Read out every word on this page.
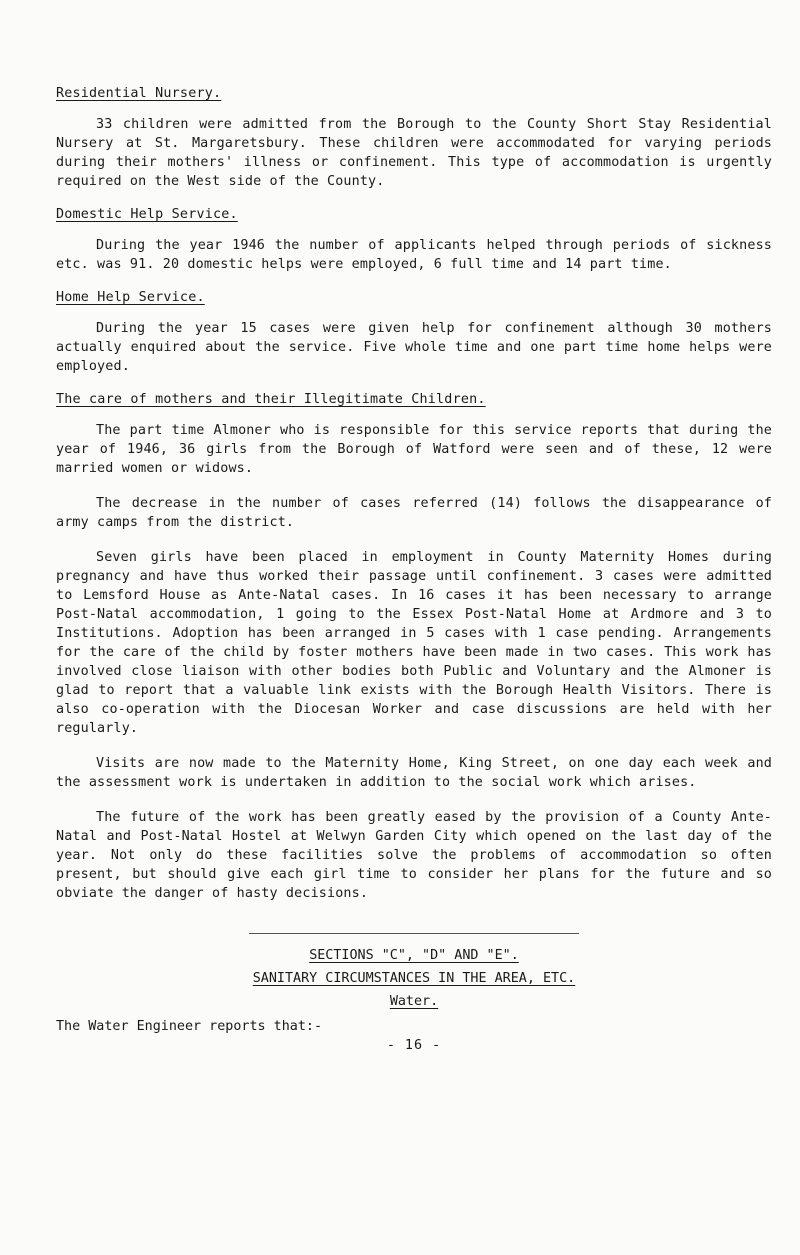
Residential Nursery.

33 children were admitted from the Borough to the County Short Stay Residential Nursery at St. Margaretsbury. These children were accommodated for varying periods during their mothers' illness or confinement. This type of accommodation is urgently required on the West side of the County.

Domestic Help Service.

During the year 1946 the number of applicants helped through periods of sickness etc. was 91. 20 domestic helps were employed, 6 full time and 14 part time.

Home Help Service.

During the year 15 cases were given help for confinement although 30 mothers actually enquired about the service. Five whole time and one part time home helps were employed.

The care of mothers and their Illegitimate Children.

The part time Almoner who is responsible for this service reports that during the year of 1946, 36 girls from the Borough of Watford were seen and of these, 12 were married women or widows.

The decrease in the number of cases referred (14) follows the disappearance of army camps from the district.

Seven girls have been placed in employment in County Maternity Homes during pregnancy and have thus worked their passage until confinement. 3 cases were admitted to Lemsford House as Ante-Natal cases. In 16 cases it has been necessary to arrange Post-Natal accommodation, 1 going to the Essex Post-Natal Home at Ardmore and 3 to Institutions. Adoption has been arranged in 5 cases with 1 case pending. Arrangements for the care of the child by foster mothers have been made in two cases. This work has involved close liaison with other bodies both Public and Voluntary and the Almoner is glad to report that a valuable link exists with the Borough Health Visitors. There is also co-operation with the Diocesan Worker and case discussions are held with her regularly.

Visits are now made to the Maternity Home, King Street, on one day each week and the assessment work is undertaken in addition to the social work which arises.

The future of the work has been greatly eased by the provision of a County Ante-Natal and Post-Natal Hostel at Welwyn Garden City which opened on the last day of the year. Not only do these facilities solve the problems of accommodation so often present, but should give each girl time to consider her plans for the future and so obviate the danger of hasty decisions.

SECTIONS "C", "D" AND "E".
SANITARY CIRCUMSTANCES IN THE AREA, ETC.
Water.
The Water Engineer reports that:-
- 16 -
